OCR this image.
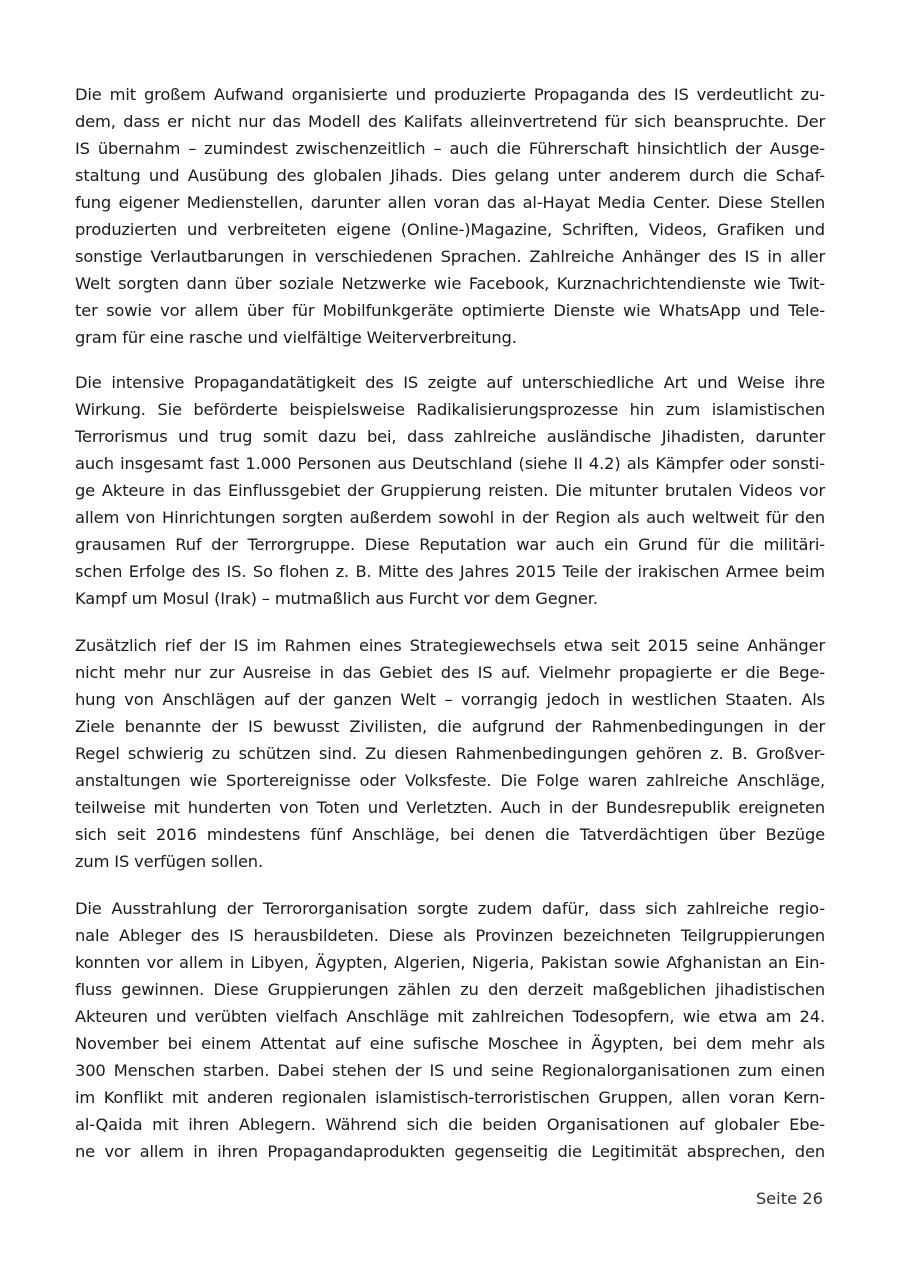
Die mit großem Aufwand organisierte und produzierte Propaganda des IS verdeutlicht zu-
dem, dass er nicht nur das Modell des Kalifats alleinvertretend für sich beanspruchte. Der
IS übernahm – zumindest zwischenzeitlich – auch die Führerschaft hinsichtlich der Ausge-
staltung und Ausübung des globalen Jihads. Dies gelang unter anderem durch die Schaf-
fung eigener Medienstellen, darunter allen voran das al-Hayat Media Center. Diese Stellen
produzierten und verbreiteten eigene (Online-)Magazine, Schriften, Videos, Grafiken und
sonstige Verlautbarungen in verschiedenen Sprachen. Zahlreiche Anhänger des IS in aller
Welt sorgten dann über soziale Netzwerke wie Facebook, Kurznachrichtendienste wie Twit-
ter sowie vor allem über für Mobilfunkgeräte optimierte Dienste wie WhatsApp und Tele-
gram für eine rasche und vielfältige Weiterverbreitung.
Die intensive Propagandatätigkeit des IS zeigte auf unterschiedliche Art und Weise ihre
Wirkung. Sie beförderte beispielsweise Radikalisierungsprozesse hin zum islamistischen
Terrorismus und trug somit dazu bei, dass zahlreiche ausländische Jihadisten, darunter
auch insgesamt fast 1.000 Personen aus Deutschland (siehe II 4.2) als Kämpfer oder sonsti-
ge Akteure in das Einflussgebiet der Gruppierung reisten. Die mitunter brutalen Videos vor
allem von Hinrichtungen sorgten außerdem sowohl in der Region als auch weltweit für den
grausamen Ruf der Terrorgruppe. Diese Reputation war auch ein Grund für die militäri-
schen Erfolge des IS. So flohen z. B. Mitte des Jahres 2015 Teile der irakischen Armee beim
Kampf um Mosul (Irak) – mutmaßlich aus Furcht vor dem Gegner.
Zusätzlich rief der IS im Rahmen eines Strategiewechsels etwa seit 2015 seine Anhänger
nicht mehr nur zur Ausreise in das Gebiet des IS auf. Vielmehr propagierte er die Bege-
hung von Anschlägen auf der ganzen Welt – vorrangig jedoch in westlichen Staaten. Als
Ziele benannte der IS bewusst Zivilisten, die aufgrund der Rahmenbedingungen in der
Regel schwierig zu schützen sind. Zu diesen Rahmenbedingungen gehören z. B. Großver-
anstaltungen wie Sportereignisse oder Volksfeste. Die Folge waren zahlreiche Anschläge,
teilweise mit hunderten von Toten und Verletzten. Auch in der Bundesrepublik ereigneten
sich seit 2016 mindestens fünf Anschläge, bei denen die Tatverdächtigen über Bezüge
zum IS verfügen sollen.
Die Ausstrahlung der Terrororganisation sorgte zudem dafür, dass sich zahlreiche regio-
nale Ableger des IS herausbildeten. Diese als Provinzen bezeichneten Teilgruppierungen
konnten vor allem in Libyen, Ägypten, Algerien, Nigeria, Pakistan sowie Afghanistan an Ein-
fluss gewinnen. Diese Gruppierungen zählen zu den derzeit maßgeblichen jihadistischen
Akteuren und verübten vielfach Anschläge mit zahlreichen Todesopfern, wie etwa am 24.
November bei einem Attentat auf eine sufische Moschee in Ägypten, bei dem mehr als
300 Menschen starben. Dabei stehen der IS und seine Regionalorganisationen zum einen
im Konflikt mit anderen regionalen islamistisch-terroristischen Gruppen, allen voran Kern-
al-Qaida mit ihren Ablegern. Während sich die beiden Organisationen auf globaler Ebe-
ne vor allem in ihren Propagandaprodukten gegenseitig die Legitimität absprechen, den
Seite 26
